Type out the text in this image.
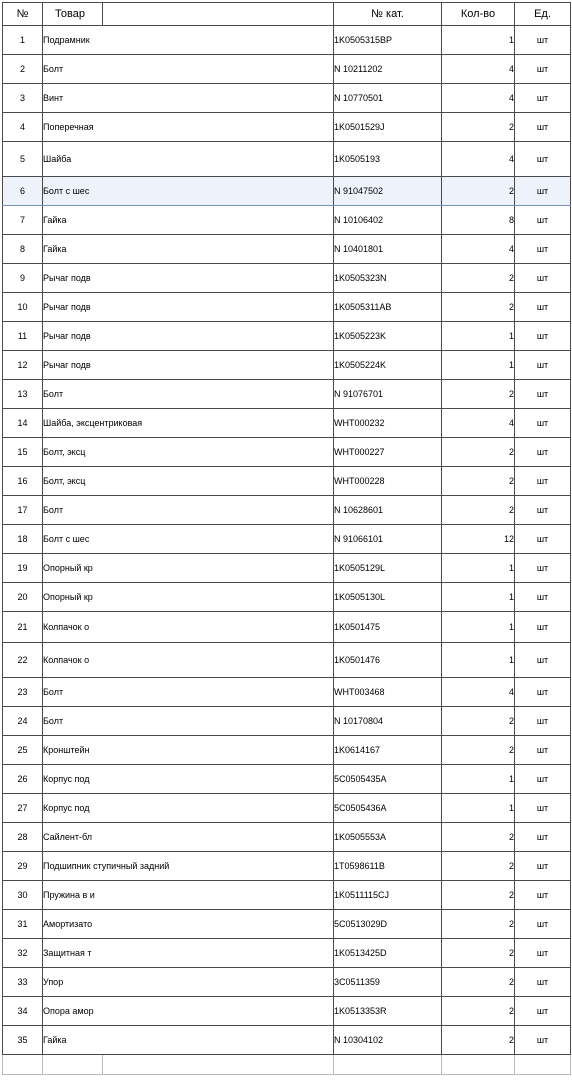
№	Товар		№ кат.	Кол-во	Ед.
1	Подрамник		1K0505315BP	1	шт
2	Болт		N 10211202	4	шт
3	Винт		N 10770501	4	шт
4	Поперечная		1K0501529J	2	шт
5	Шайба		1K0505193	4	шт
6	Болт с шес		N 91047502	2	шт
7	Гайка		N 10106402	8	шт
8	Гайка		N 10401801	4	шт
9	Рычаг подв		1K0505323N	2	шт
10	Рычаг подв		1K0505311AB	2	шт
11	Рычаг подв		1K0505223K	1	шт
12	Рычаг подв		1K0505224K	1	шт
13	Болт		N 91076701	2	шт
14	Шайба, эксцентриковая		WHT000232	4	шт
15	Болт, эксц		WHT000227	2	шт
16	Болт, эксц		WHT000228	2	шт
17	Болт		N 10628601	2	шт
18	Болт с шес		N 91066101	12	шт
19	Опорный кр		1K0505129L	1	шт
20	Опорный кр		1K0505130L	1	шт
21	Колпачок о		1K0501475	1	шт
22	Колпачок о		1K0501476	1	шт
23	Болт		WHT003468	4	шт
24	Болт		N 10170804	2	шт
25	Кронштейн		1K0614167	2	шт
26	Корпус под		5C0505435A	1	шт
27	Корпус под		5C0505436A	1	шт
28	Сайлент-бл		1K0505553A	2	шт
29	Подшипник ступичный задний		1T0598611B	2	шт
30	Пружина в и		1K0511115CJ	2	шт
31	Амортизато		5C0513029D	2	шт
32	Защитная т		1K0513425D	2	шт
33	Упор		3C0511359	2	шт
34	Опора амор		1K0513353R	2	шт
35	Гайка		N 10304102	2	шт
